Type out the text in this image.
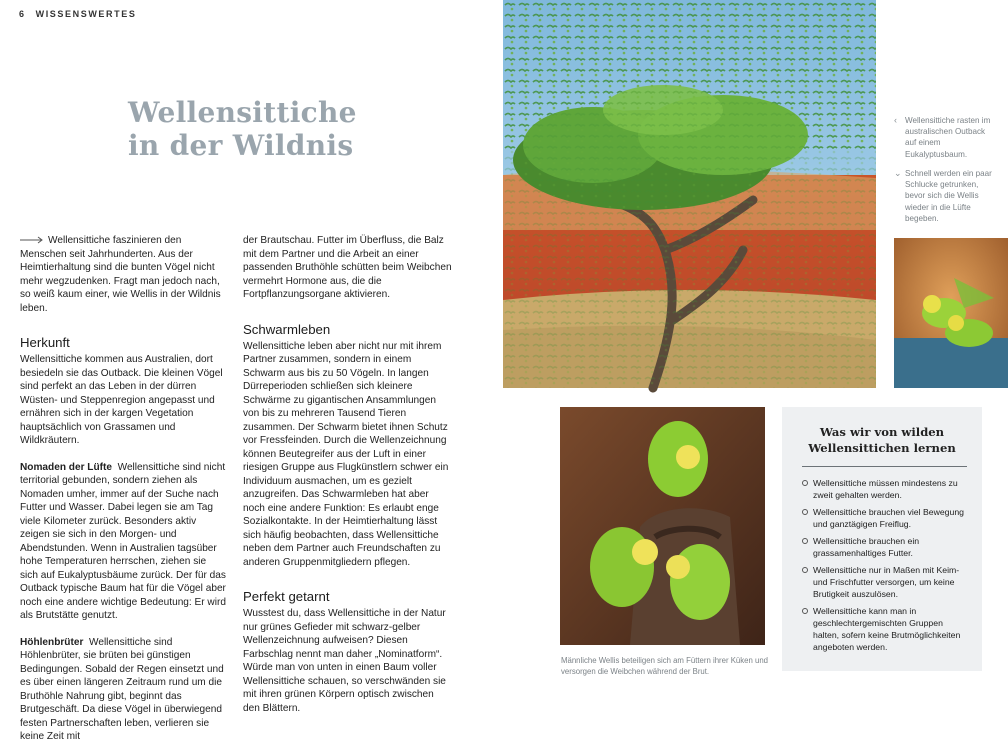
6 WISSENSWERTES
Wellensittiche
in der Wildnis

Wellensittiche faszinieren den Menschen seit Jahrhunderten. Aus der Heimtierhaltung sind die bunten Vögel nicht mehr wegzudenken. Fragt man jedoch nach, so weiß kaum einer, wie Wellis in der Wildnis leben.

Herkunft

Wellensittiche kommen aus Australien, dort besiedeln sie das Outback. Die kleinen Vögel sind perfekt an das Leben in der dürren Wüsten- und Steppenregion angepasst und ernähren sich in der kargen Vegetation hauptsächlich von Grassamen und Wildkräutern.

Nomaden der Lüfte Wellensittiche sind nicht territorial gebunden, sondern ziehen als Nomaden umher, immer auf der Suche nach Futter und Wasser. Dabei legen sie am Tag viele Kilometer zurück. Besonders aktiv zeigen sie sich in den Morgen- und Abendstunden. Wenn in Australien tagsüber hohe Temperaturen herrschen, ziehen sie sich auf Eukalyptusbäume zurück. Der für das Outback typische Baum hat für die Vögel aber noch eine andere wichtige Bedeutung: Er wird als Brutstätte genutzt.

Höhlenbrüter Wellensittiche sind Höhlenbrüter, sie brüten bei günstigen Bedingungen. Sobald der Regen einsetzt und es über einen längeren Zeitraum rund um die Bruthöhle Nahrung gibt, beginnt das Brutgeschäft. Da diese Vögel in überwiegend festen Partnerschaften leben, verlieren sie keine Zeit mit

der Brautschau. Futter im Überfluss, die Balz mit dem Partner und die Arbeit an einer passenden Bruthöhle schütten beim Weibchen vermehrt Hormone aus, die die Fortpflanzungsorgane aktivieren.

Schwarmleben

Wellensittiche leben aber nicht nur mit ihrem Partner zusammen, sondern in einem Schwarm aus bis zu 50 Vögeln. In langen Dürreperioden schließen sich kleinere Schwärme zu gigantischen Ansammlungen von bis zu mehreren Tausend Tieren zusammen. Der Schwarm bietet ihnen Schutz vor Fressfeinden. Durch die Wellenzeichnung können Beutegreifer aus der Luft in einer riesigen Gruppe aus Flugkünstlern schwer ein Individuum ausmachen, um es gezielt anzugreifen. Das Schwarmleben hat aber noch eine andere Funktion: Es erlaubt enge Sozialkontakte. In der Heimtierhaltung lässt sich häufig beobachten, dass Wellensittiche neben dem Partner auch Freundschaften zu anderen Gruppenmitgliedern pflegen.

Perfekt getarnt

Wusstest du, dass Wellensittiche in der Natur nur grünes Gefieder mit schwarz-gelber Wellenzeichnung aufweisen? Diesen Farbschlag nennt man daher „Nominatform“. Würde man von unten in einen Baum voller Wellensittiche schauen, so verschwänden sie mit ihren grünen Körpern optisch zwischen den Blättern.

‹ Wellensittiche rasten im australischen Outback auf einem Eukalyptusbaum.
⌄ Schnell werden ein paar Schlucke getrunken, bevor sich die Wellis wieder in die Lüfte begeben.
Männliche Wellis beteiligen sich am Füttern ihrer Küken und versorgen die Weibchen während der Brut.
Was wir von wilden
Wellensittichen lernen
Wellensittiche müssen mindestens zu zweit gehalten werden.
Wellensittiche brauchen viel Bewegung und ganztägigen Freiflug.
Wellensittiche brauchen ein grassamenhaltiges Futter.
Wellensittiche nur in Maßen mit Keim- und Frischfutter versorgen, um keine Brutigkeit auszulösen.
Wellensittiche kann man in geschlechtergemischten Gruppen halten, sofern keine Brutmöglichkeiten angeboten werden.
